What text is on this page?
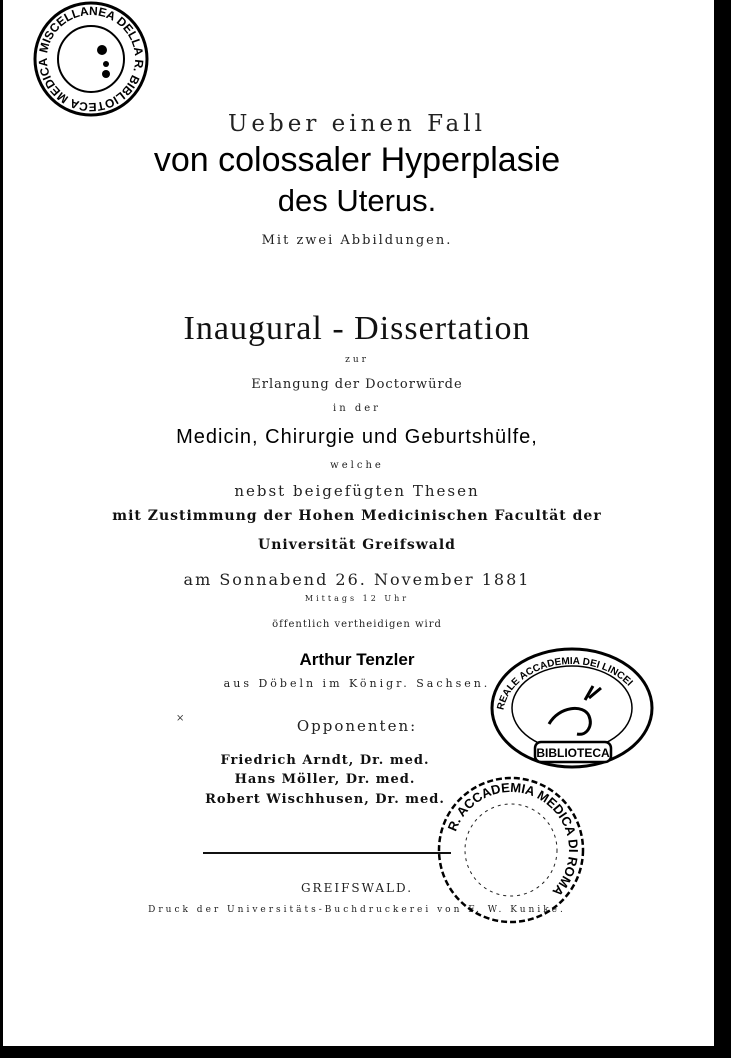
MISCELLANEA DELLA R. BIBLIOTECA MEDICA
Ueber einen Fall
von colossaler Hyperplasie
des Uterus.
Mit zwei Abbildungen.
Inaugural - Dissertation
zur
Erlangung der Doctorwürde
in der
Medicin, Chirurgie und Geburtshülfe,
welche
nebst beigefügten Thesen
mit Zustimmung der Hohen Medicinischen Facultät der
Universität Greifswald
am Sonnabend 26. November 1881
Mittags 12 Uhr
öffentlich vertheidigen wird
Arthur Tenzler
aus Döbeln im Königr. Sachsen.
×	Opponenten:
Friedrich Arndt, Dr. med.
Hans Möller, Dr. med.
Robert Wischhusen, Dr. med.
GREIFSWALD.
Druck der Universitäts-Buchdruckerei von F. W. Kunike.
REALE ACCADEMIA DEI LINCEI
BIBLIOTECA
R. ACCADEMIA MEDICA DI ROMA
